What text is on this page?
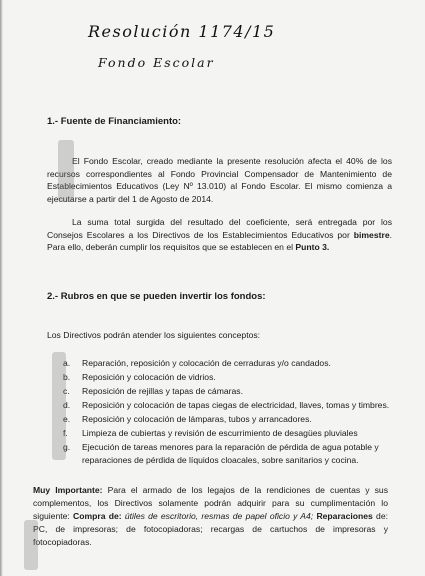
Resolución 1174/15
Fondo Escolar
1.- Fuente de Financiamiento:
El Fondo Escolar, creado mediante la presente resolución afecta el 40% de los recursos correspondientes al Fondo Provincial Compensador de Mantenimiento de Establecimientos Educativos (Ley Nº 13.010) al Fondo Escolar. El mismo comienza a ejecutarse a partir del 1 de Agosto de 2014.
La suma total surgida del resultado del coeficiente, será entregada por los Consejos Escolares a los Directivos de los Establecimientos Educativos por bimestre. Para ello, deberán cumplir los requisitos que se establecen en el Punto 3.
2.- Rubros en que se pueden invertir los fondos:
Los Directivos podrán atender los siguientes conceptos:
a.	Reparación, reposición y colocación de cerraduras y/o candados.
b.	Reposición y colocación de vidrios.
c.	Reposición de rejillas y tapas de cámaras.
d.	Reposición y colocación de tapas ciegas de electricidad, llaves, tomas y timbres.
e.	Reposición y colocación de lámparas, tubos y arrancadores.
f.	Limpieza de cubiertas y revisión de escurrimiento de desagües pluviales
g.	Ejecución de tareas menores para la reparación de pérdida de agua potable y reparaciones de pérdida de líquidos cloacales, sobre sanitarios y cocina.
Muy Importante: Para el armado de los legajos de la rendiciones de cuentas y sus complementos, los Directivos solamente podrán adquirir para su cumplimentación lo siguiente: Compra de: útiles de escritorio, resmas de papel oficio y A4; Reparaciones de: PC, de impresoras; de fotocopiadoras; recargas de cartuchos de impresoras y fotocopiadoras.
